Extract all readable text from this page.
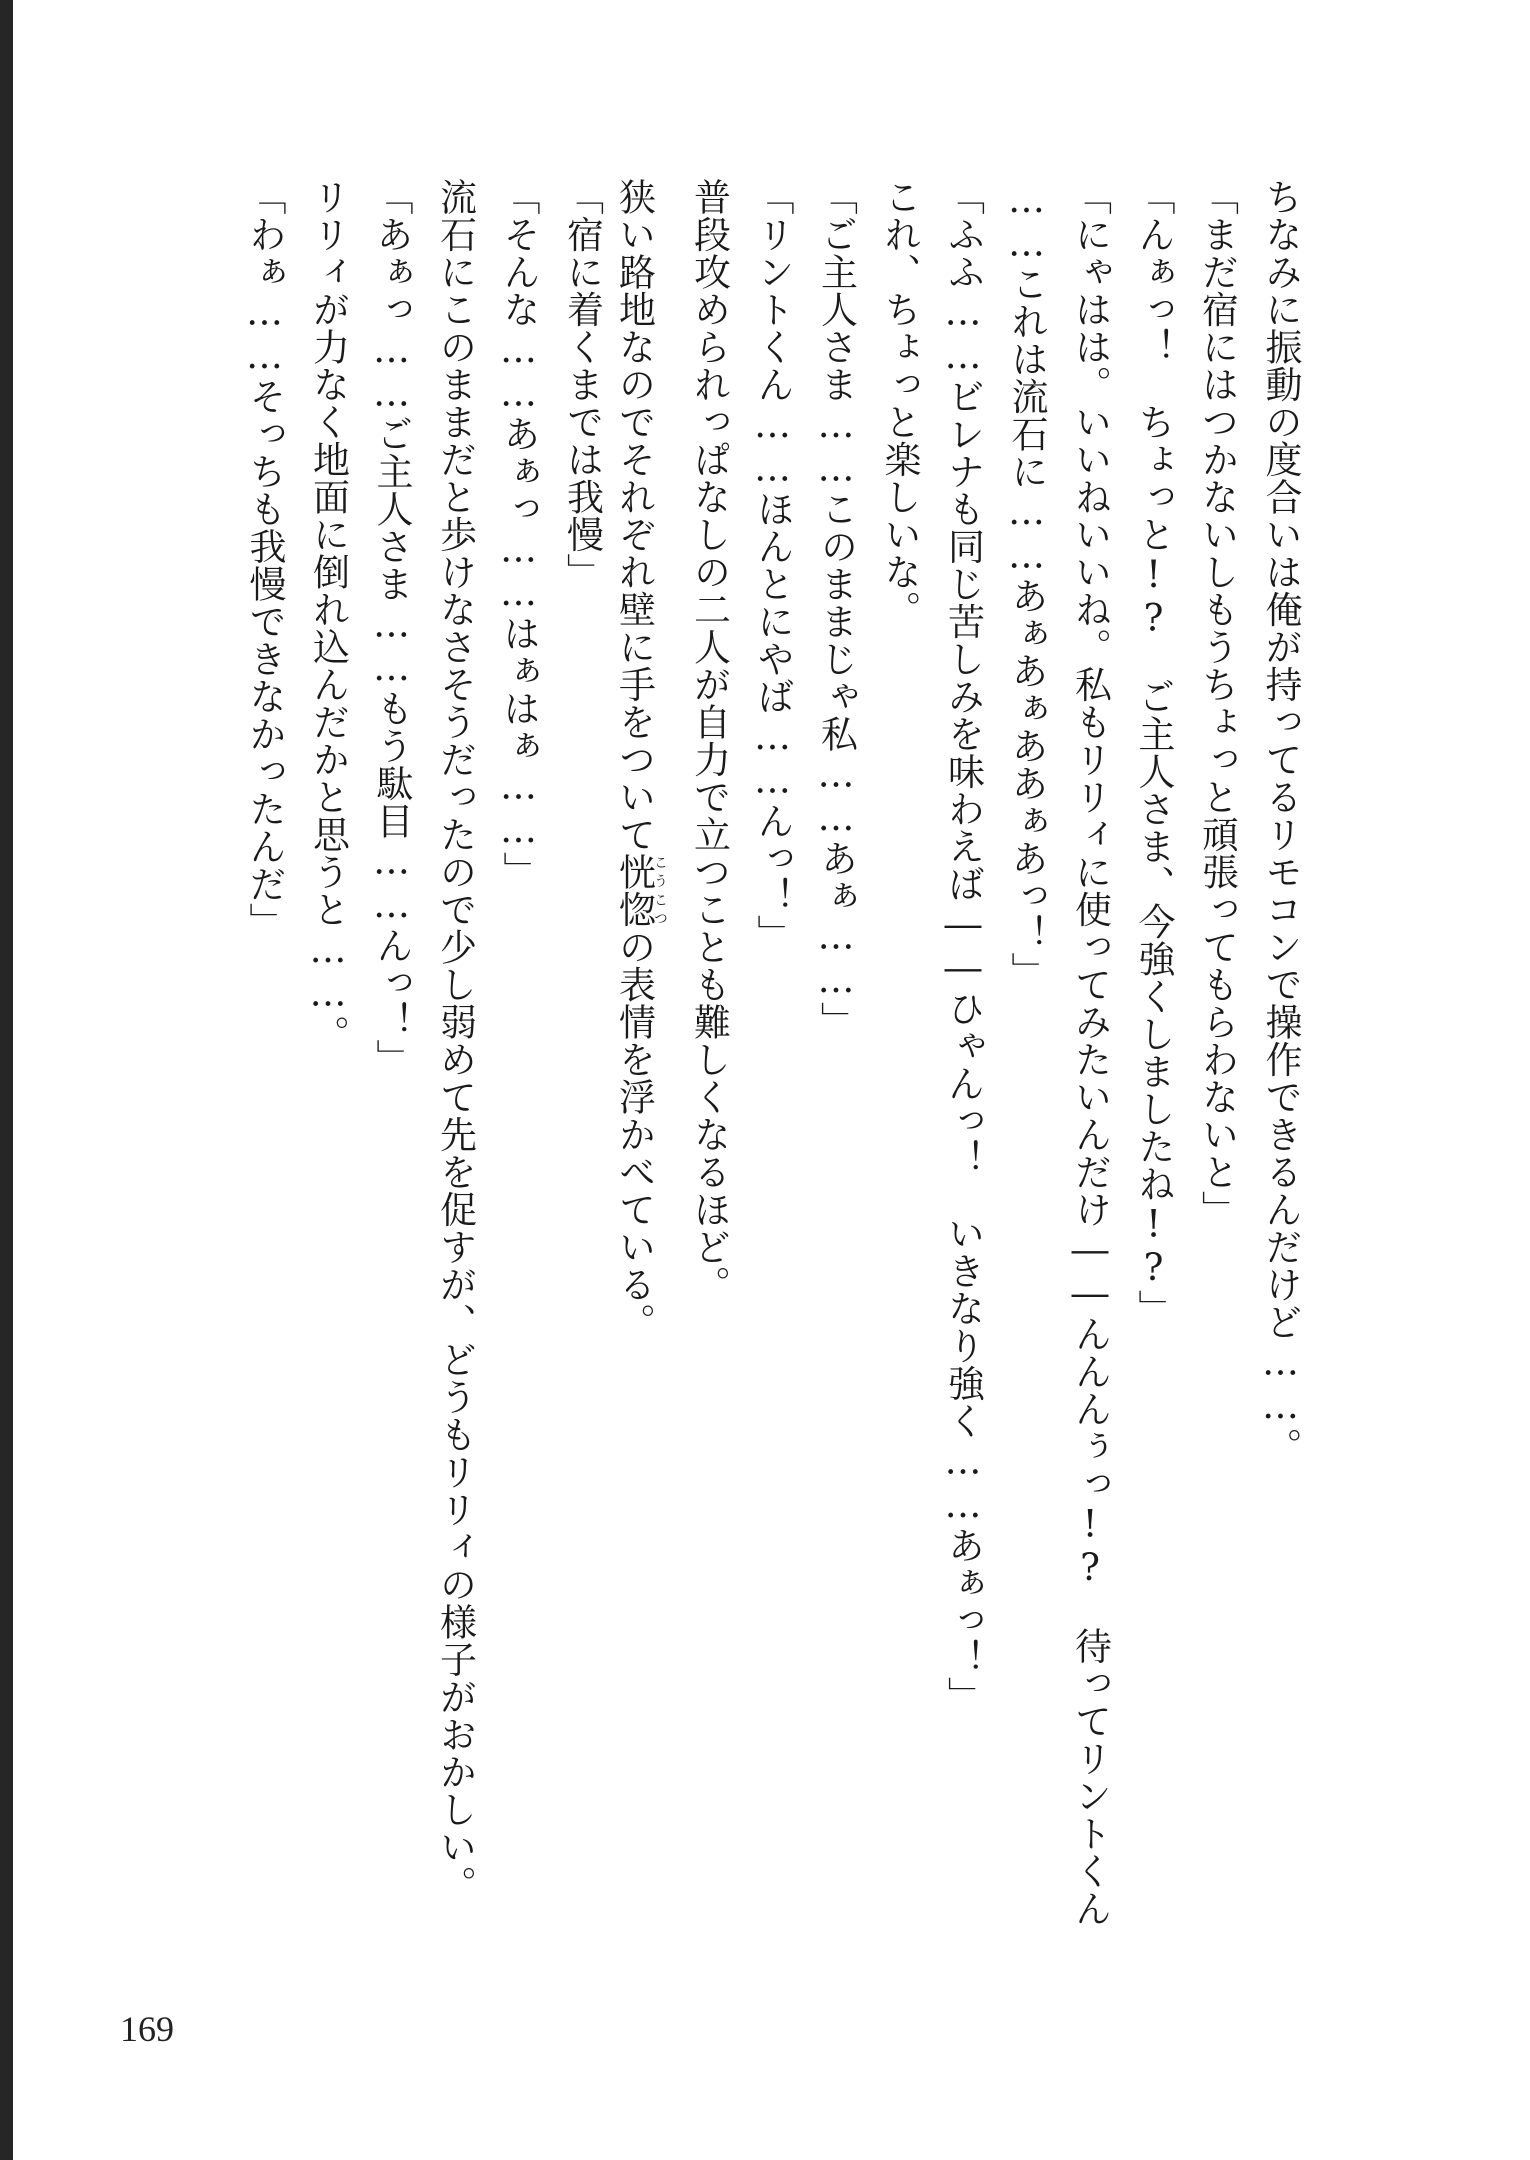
ちなみに振動の度合いは俺が持ってるリモコンで操作できるんだけど……。
「まだ宿にはつかないしもうちょっと頑張ってもらわないと」
「んぁっ！　ちょっと!?　ご主人さま、今強くしましたね!?」
「にゃはは。いいねいいね。私もリリィに使ってみたいんだけ――んんんぅっ!?　待ってリントくん
……これは流石に……あぁあぁああぁあっ！」
「ふふ……ビレナも同じ苦しみを味わえば――ひゃんっ！　いきなり強く……あぁっ！」
これ、ちょっと楽しいな。
「ご主人さま……このままじゃ私……あぁ……」
「リントくん……ほんとにやば……んっ！」
普段攻められっぱなしの二人が自力で立つことも難しくなるほど。
狭い路地なのでそれぞれ壁に手をついて恍惚こうこつの表情を浮かべている。
「宿に着くまでは我慢」
「そんな……あぁっ……はぁはぁ……」
流石にこのままだと歩けなさそうだったので少し弱めて先を促すが、どうもリリィの様子がおかしい。
「あぁっ……ご主人さま……もう駄目……んっ！」
リリィが力なく地面に倒れ込んだかと思うと……。
「わぁ……そっちも我慢できなかったんだ」
169
